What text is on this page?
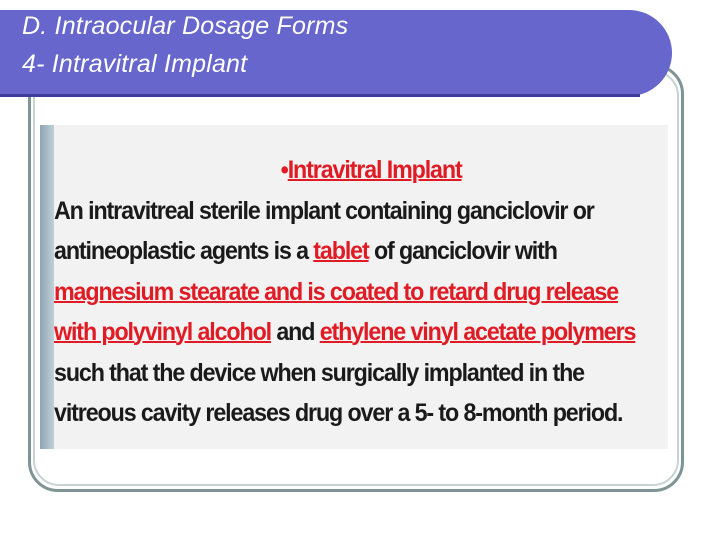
D. Intraocular Dosage Forms
4- Intravitral Implant
•Intravitral Implant
An intravitreal sterile implant containing ganciclovir or
antineoplastic agents is a tablet of ganciclovir with
magnesium stearate and is coated to retard drug release
with polyvinyl alcohol and ethylene vinyl acetate polymers
such that the device when surgically implanted in the
vitreous cavity releases drug over a 5- to 8-month period.
